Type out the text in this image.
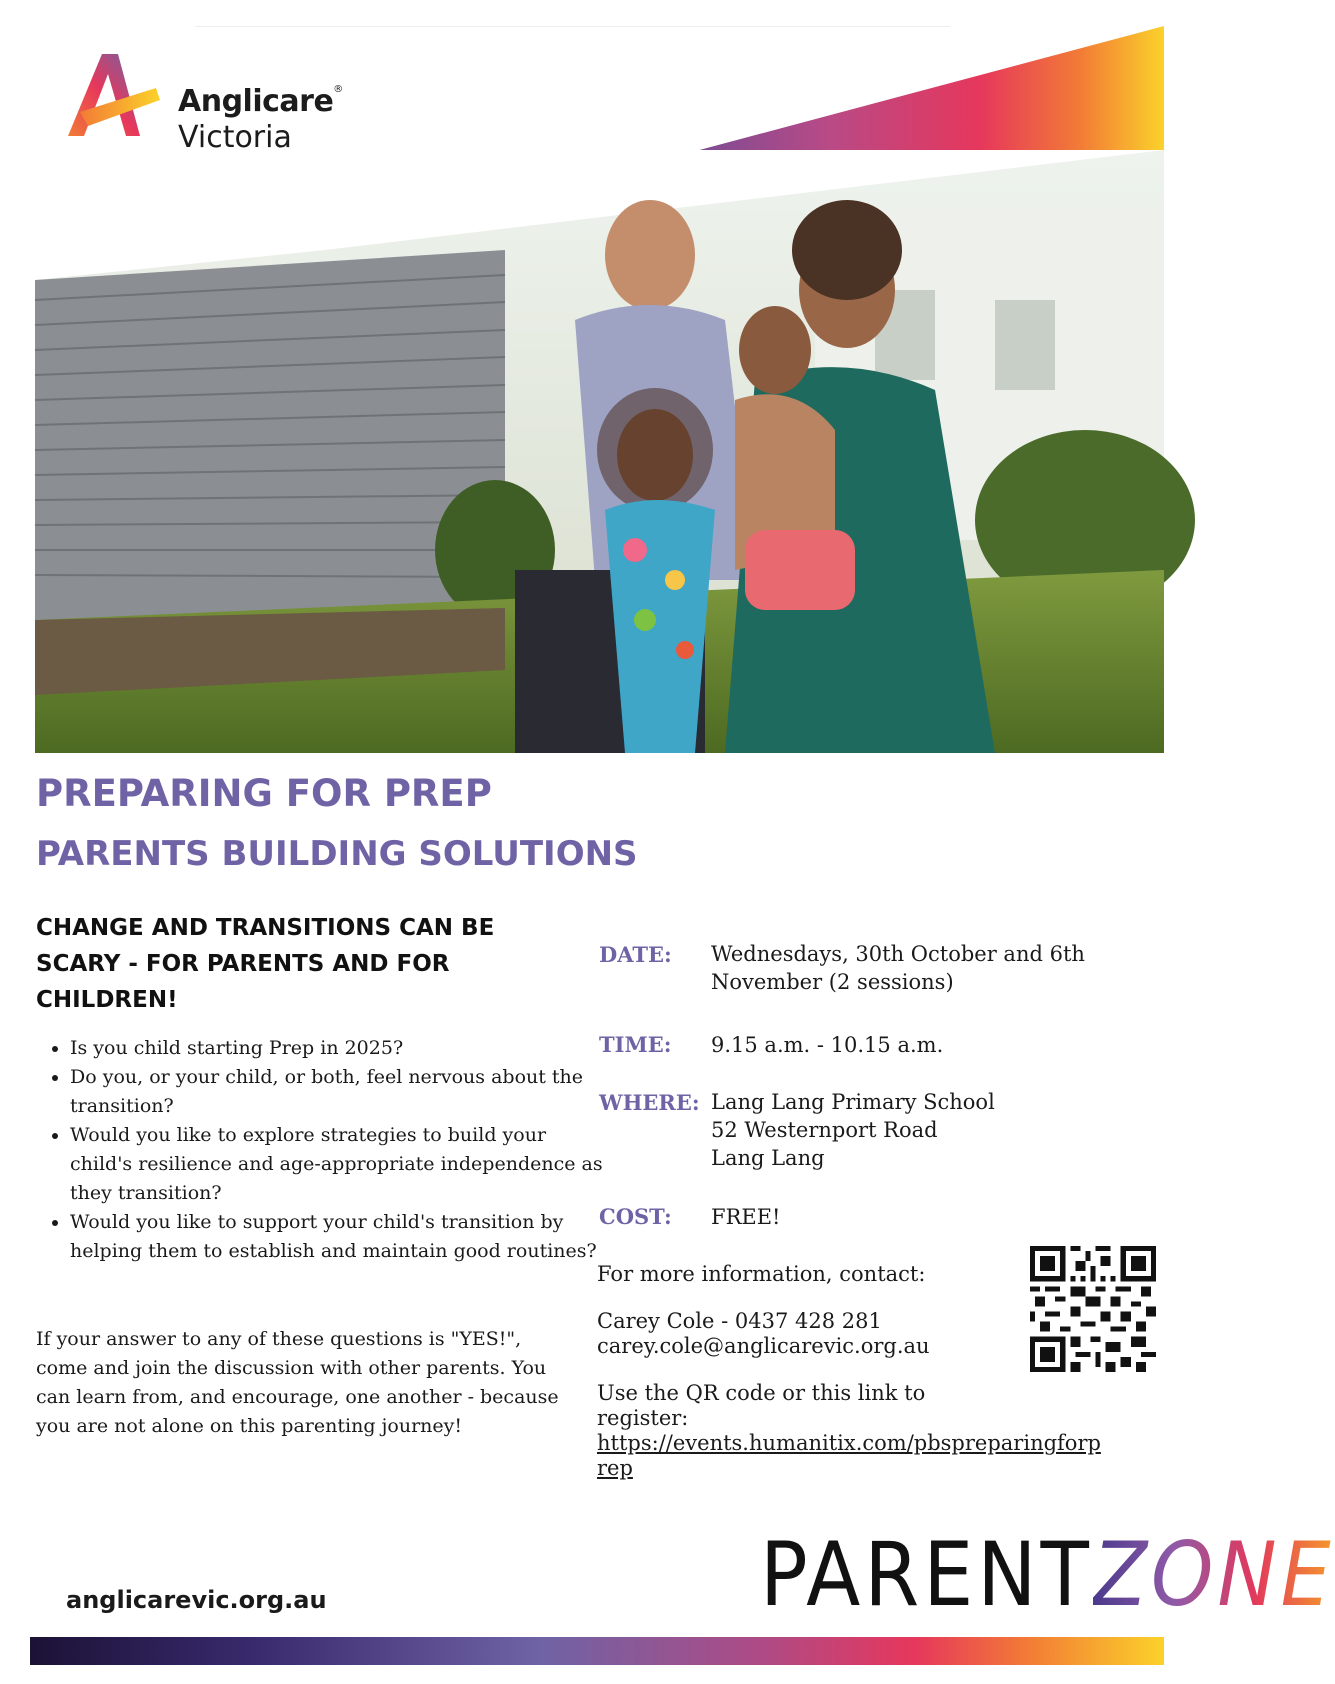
Anglicare®
Victoria
PREPARING FOR PREP
PARENTS BUILDING SOLUTIONS

CHANGE AND TRANSITIONS CAN BE SCARY - FOR PARENTS AND FOR CHILDREN!

• Is you child starting Prep in 2025?
• Do you, or your child, or both, feel nervous about the transition?
• Would you like to explore strategies to build your child's resilience and age-appropriate independence as they transition?
• Would you like to support your child's transition by helping them to establish and maintain good routines?

If your answer to any of these questions is "YES!", come and join the discussion with other parents. You can learn from, and encourage, one another - because you are not alone on this parenting journey!

DATE: Wednesdays, 30th October and 6th
November (2 sessions)
TIME: 9.15 a.m. - 10.15 a.m.
WHERE: Lang Lang Primary School
52 Westernport Road
Lang Lang
COST: FREE!
For more information, contact:
Carey Cole - 0437 428 281
carey.cole@anglicarevic.org.au
Use the QR code or this link to register:
https://events.humanitix.com/pbspreparingforp
rep
anglicarevic.org.au	PARENTZONE
